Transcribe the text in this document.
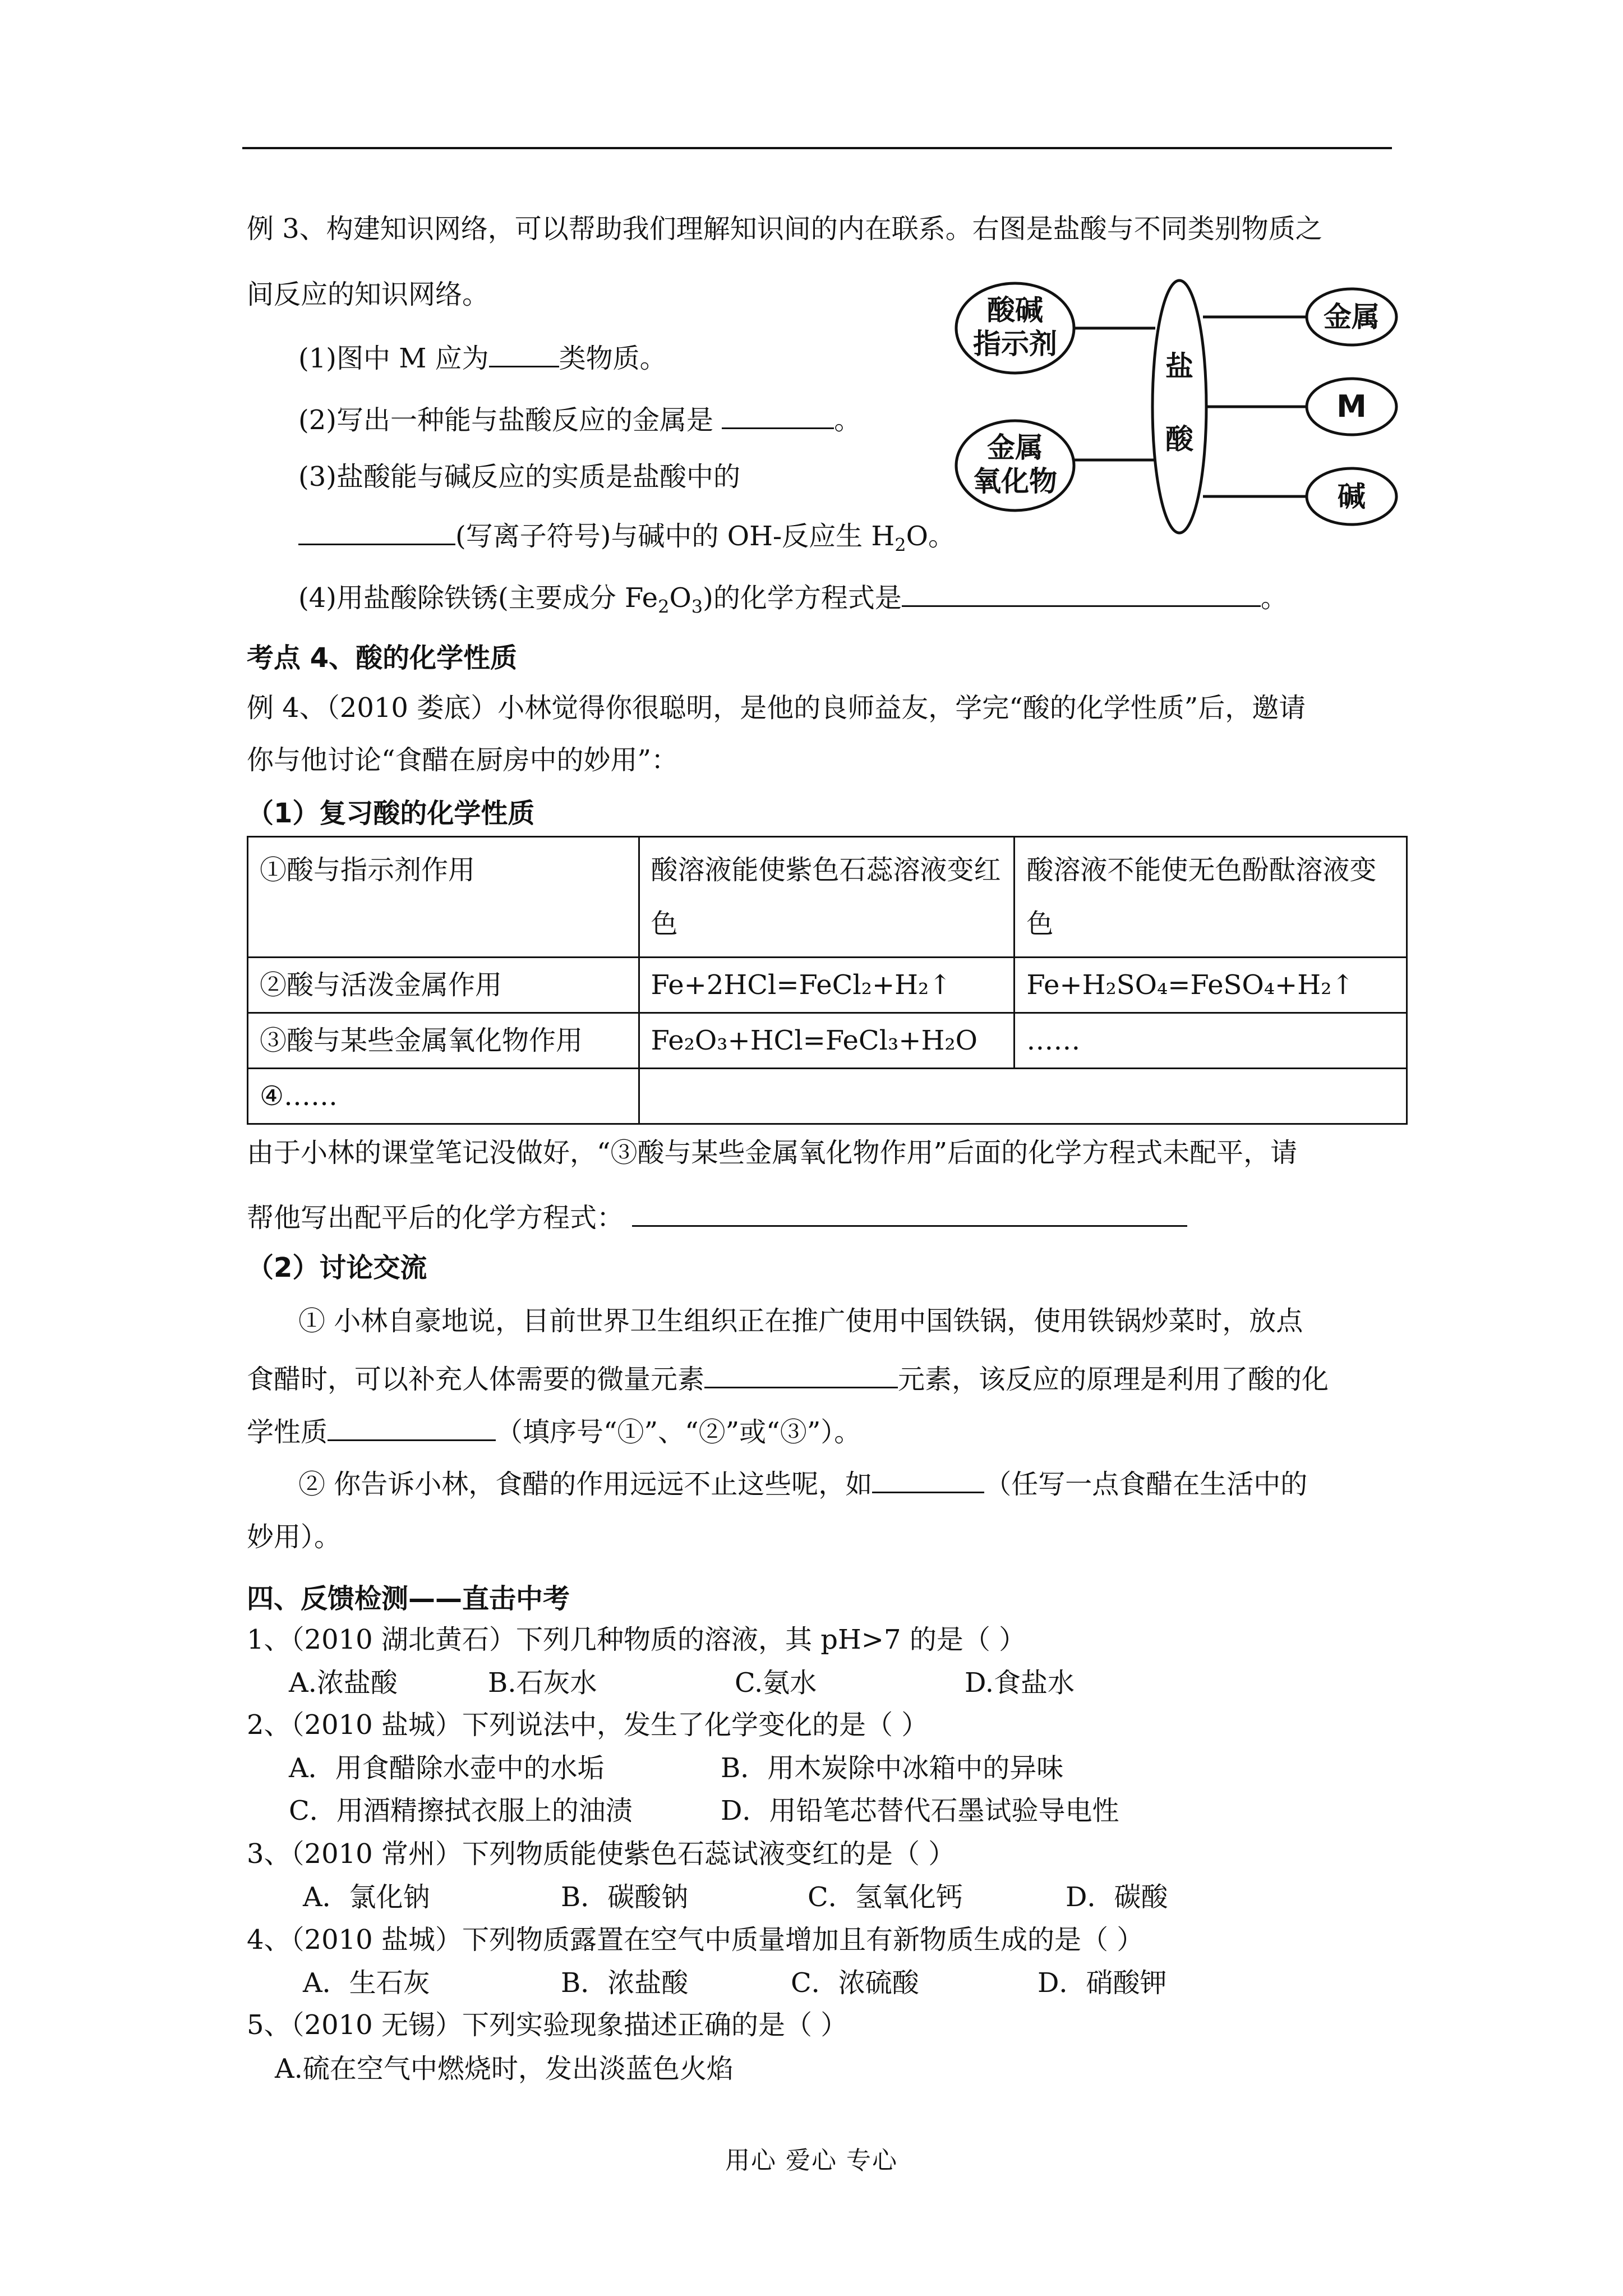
例 3、构建知识网络，可以帮助我们理解知识间的内在联系。右图是盐酸与不同类别物质之
间反应的知识网络。
(1)图中 M 应为	类物质。
(2)写出一种能与盐酸反应的金属是	。
(3)盐酸能与碱反应的实质是盐酸中的
(写离子符号)与碱中的 OH-反应生 $H_2O$。
(4)用盐酸除铁锈(主要成分 $Fe_2O_3$)的化学方程式是	。
酸碱
指示剂
金属
氧化物
盐
酸
金属
M
碱
考点 4、酸的化学性质
例 4、（2010 娄底）小林觉得你很聪明，是他的良师益友，学完“酸的化学性质”后，邀请
你与他讨论“食醋在厨房中的妙用”：
（1）复习酸的化学性质
①酸与指示剂作用	酸溶液能使紫色石蕊溶液变红色	酸溶液不能使无色酚酞溶液变色
②酸与活泼金属作用	Fe+2HCl=FeCl₂+H₂↑	Fe+H₂SO₄=FeSO₄+H₂↑
③酸与某些金属氧化物作用	Fe₂O₃+HCl=FeCl₃+H₂O	……
④……		
由于小林的课堂笔记没做好，“③酸与某些金属氧化物作用”后面的化学方程式未配平，请
帮他写出配平后的化学方程式：
（2）讨论交流
① 小林自豪地说，目前世界卫生组织正在推广使用中国铁锅，使用铁锅炒菜时，放点
食醋时，可以补充人体需要的微量元素	元素，该反应的原理是利用了酸的化
学性质	（填序号“①”、“②”或“③”）。
② 你告诉小林，食醋的作用远远不止这些呢，如	（任写一点食醋在生活中的
妙用）。
四、反馈检测——直击中考
1、（2010 湖北黄石）下列几种物质的溶液，其 pH>7 的是（ ）
A.浓盐酸	B.石灰水	C.氨水	D.食盐水
2、（2010 盐城）下列说法中，发生了化学变化的是（ ）
A．用食醋除水壶中的水垢	B．用木炭除中冰箱中的异味
C．用酒精擦拭衣服上的油渍	D．用铅笔芯替代石墨试验导电性
3、（2010 常州）下列物质能使紫色石蕊试液变红的是（ ）
A．氯化钠	B．碳酸钠	C．氢氧化钙	D．碳酸
4、（2010 盐城）下列物质露置在空气中质量增加且有新物质生成的是（ ）
A．生石灰	B．浓盐酸	C．浓硫酸	D．硝酸钾
5、（2010 无锡）下列实验现象描述正确的是（ ）
A.硫在空气中燃烧时，发出淡蓝色火焰
用心 爱心 专心
